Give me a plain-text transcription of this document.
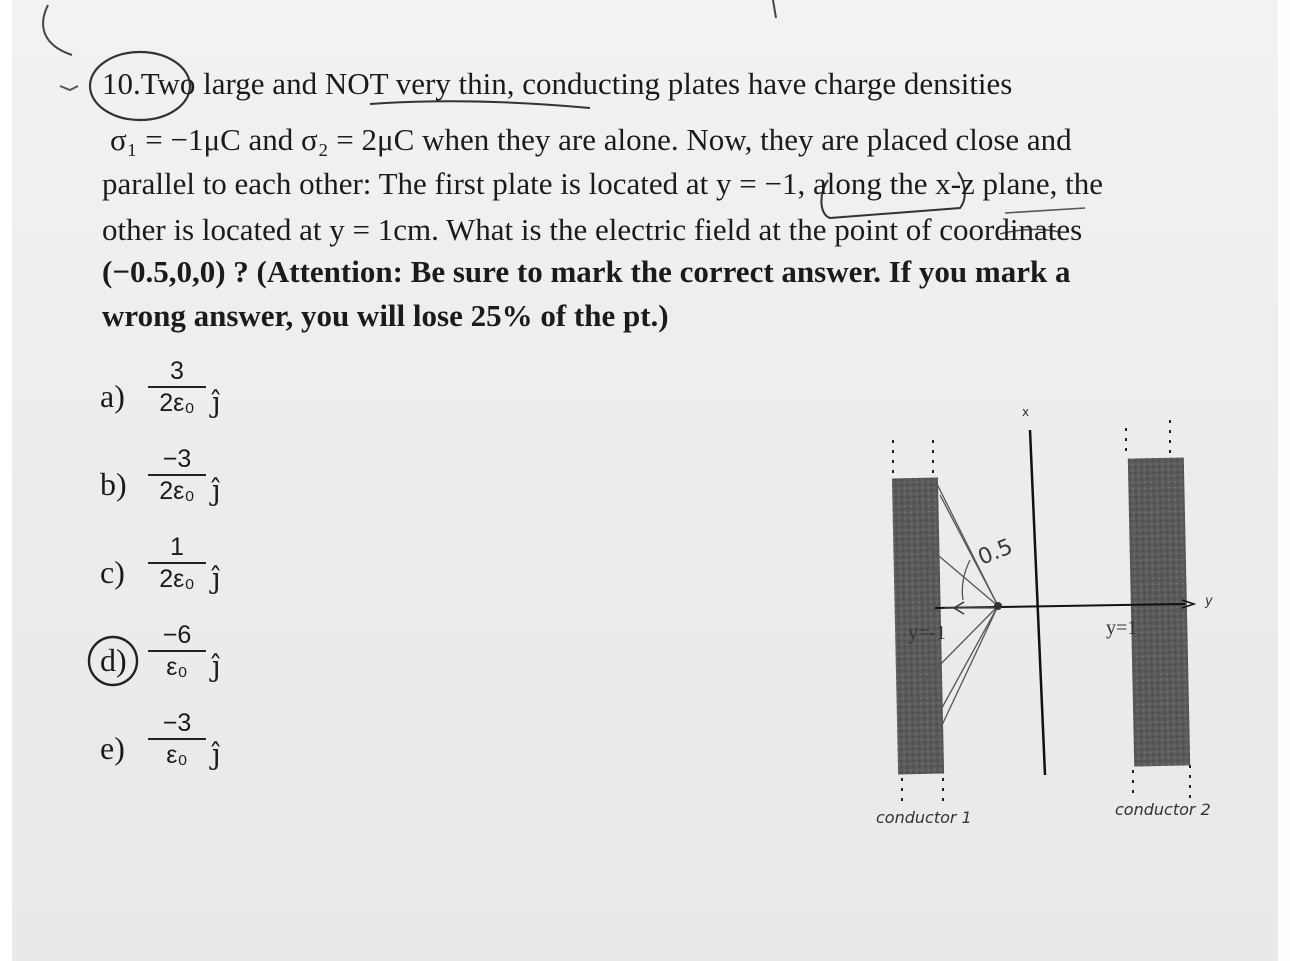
10.Two large and NOT very thin, conducting plates have charge densities
σ₁ = −1μC and σ₂ = 2μC when they are alone. Now, they are placed close and
parallel to each other: The first plate is located at y = −1, along the x-z plane, the
other is located at y = 1cm. What is the electric field at the point of coordinates
(−0.5,0,0) ? (Attention: Be sure to mark the correct answer. If you mark a
wrong answer, you will lose 25% of the pt.)
a)
3
2ε₀ ĵ
b)
−3
2ε₀ ĵ
c)
1
2ε₀ ĵ
d)
−6
ε₀ ĵ
e)
−3
ε₀ ĵ
x
y
y=-1	y=1
0.5
conductor 1	conductor 2
